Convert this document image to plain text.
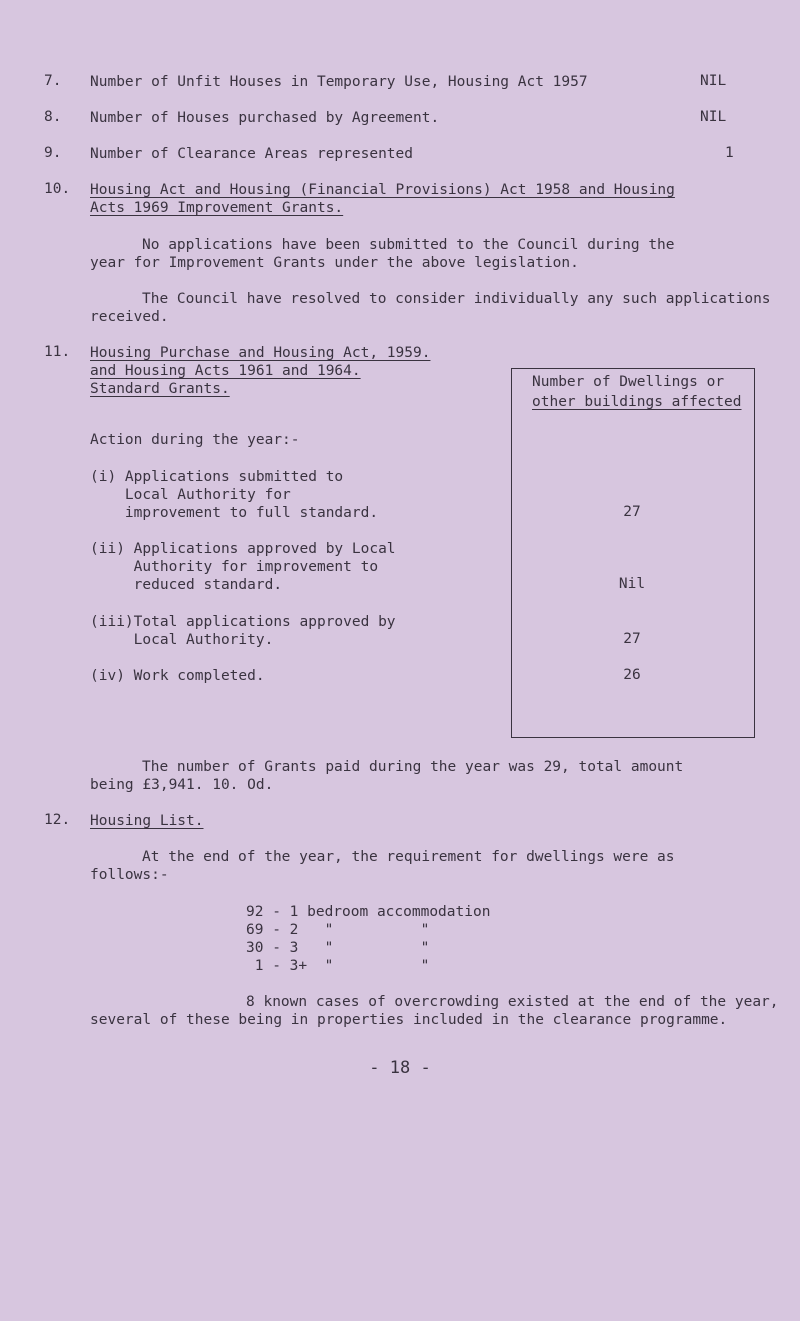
7. Number of Unfit Houses in Temporary Use, Housing Act 1957	NIL
8. Number of Houses purchased by Agreement.	NIL
9. Number of Clearance Areas represented	1
10. Housing Act and Housing (Financial Provisions) Act 1958 and Housing
Acts 1969 Improvement Grants.
No applications have been submitted to the Council during the
year for Improvement Grants under the above legislation.
The Council have resolved to consider individually any such applications
received.
11. Housing Purchase and Housing Act, 1959.
and Housing Acts 1961 and 1964.
Standard Grants.	Number of Dwellings or
other buildings affected
Action during the year:-
(i) Applications submitted to
Local Authority for
improvement to full standard.	27
(ii) Applications approved by Local
Authority for improvement to
reduced standard.	Nil
(iii)Total applications approved by
Local Authority.	27
(iv) Work completed.	26
The number of Grants paid during the year was 29, total amount
being £3,941. 10. Od.
12. Housing List.
At the end of the year, the requirement for dwellings were as
follows:-
92 - 1 bedroom accommodation
69 - 2   "          "
30 - 3   "          "
1 - 3+  "          "
8 known cases of overcrowding existed at the end of the year,
several of these being in properties included in the clearance programme.
- 18 -
